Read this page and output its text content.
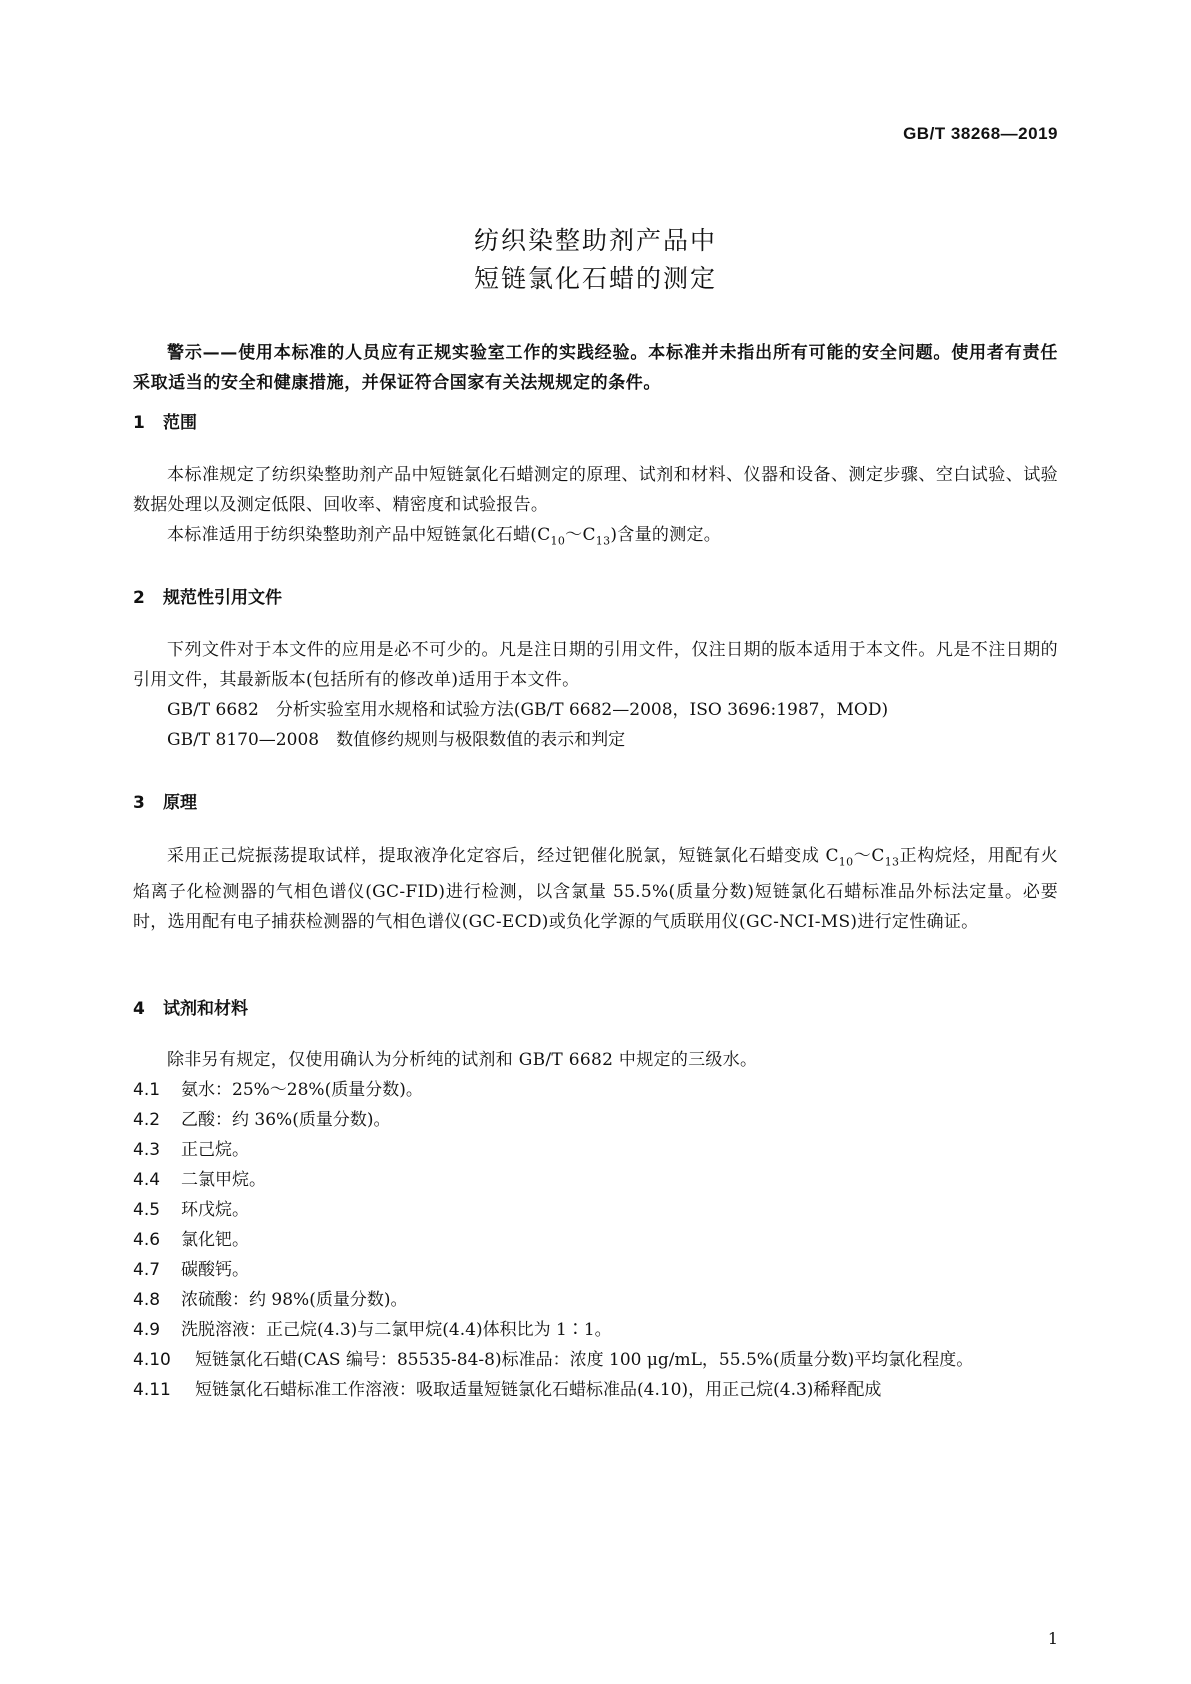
GB/T 38268—2019
纺织染整助剂产品中
短链氯化石蜡的测定
警示——使用本标准的人员应有正规实验室工作的实践经验。本标准并未指出所有可能的安全问题。使用者有责任采取适当的安全和健康措施，并保证符合国家有关法规规定的条件。
1 范围

本标准规定了纺织染整助剂产品中短链氯化石蜡测定的原理、试剂和材料、仪器和设备、测定步骤、空白试验、试验数据处理以及测定低限、回收率、精密度和试验报告。

本标准适用于纺织染整助剂产品中短链氯化石蜡$(C_{10}\sim C_{13})$含量的测定。

2 规范性引用文件

下列文件对于本文件的应用是必不可少的。凡是注日期的引用文件，仅注日期的版本适用于本文件。凡是不注日期的引用文件，其最新版本(包括所有的修改单)适用于本文件。

GB/T 6682  分析实验室用水规格和试验方法(GB/T 6682—2008，ISO 3696:1987，MOD)

GB/T 8170—2008  数值修约规则与极限数值的表示和判定

3 原理

采用正己烷振荡提取试样，提取液净化定容后，经过钯催化脱氯，短链氯化石蜡变成 $C_{10}\sim C_{13}$正构烷烃，用配有火焰离子化检测器的气相色谱仪(GC-FID)进行检测，以含氯量 55.5%(质量分数)短链氯化石蜡标准品外标法定量。必要时，选用配有电子捕获检测器的气相色谱仪(GC-ECD)或负化学源的气质联用仪(GC-NCI-MS)进行定性确证。

4 试剂和材料

除非另有规定，仅使用确认为分析纯的试剂和 GB/T 6682 中规定的三级水。

4.1 氨水：25%～28%(质量分数)。

4.2 乙酸：约 36%(质量分数)。

4.3 正己烷。

4.4 二氯甲烷。

4.5 环戊烷。

4.6 氯化钯。

4.7 碳酸钙。

4.8 浓硫酸：约 98%(质量分数)。

4.9 洗脱溶液：正己烷(4.3)与二氯甲烷(4.4)体积比为 1∶1。

4.10 短链氯化石蜡(CAS 编号：85535-84-8)标准品：浓度 100 μg/mL，55.5%(质量分数)平均氯化程度。

4.11 短链氯化石蜡标准工作溶液：吸取适量短链氯化石蜡标准品(4.10)，用正己烷(4.3)稀释配成

1
